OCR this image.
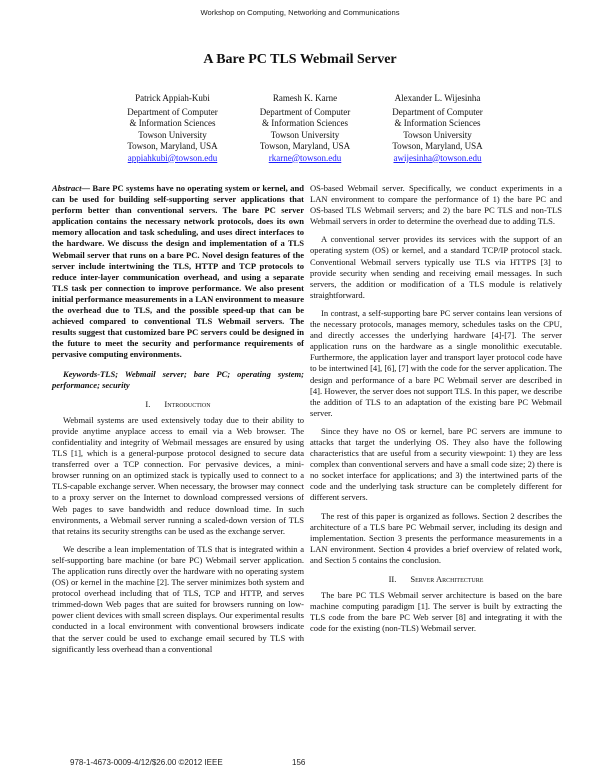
Workshop on Computing, Networking and Communications
A Bare PC TLS Webmail Server
Patrick Appiah-Kubi
Department of Computer
& Information Sciences
Towson University
Towson, Maryland, USA
appiahkubi@towson.edu
Ramesh K. Karne
Department of Computer
& Information Sciences
Towson University
Towson, Maryland, USA
rkarne@towson.edu
Alexander L. Wijesinha
Department of Computer
& Information Sciences
Towson University
Towson, Maryland, USA
awijesinha@towson.edu

Abstract— Bare PC systems have no operating system or kernel, and can be used for building self-supporting server applications that perform better than conventional servers. The bare PC server application contains the necessary network protocols, does its own memory allocation and task scheduling, and uses direct interfaces to the hardware. We discuss the design and implementation of a TLS Webmail server that runs on a bare PC. Novel design features of the server include intertwining the TLS, HTTP and TCP protocols to reduce inter-layer communication overhead, and using a separate TLS task per connection to improve performance. We also present initial performance measurements in a LAN environment to measure the overhead due to TLS, and the possible speed-up that can be achieved compared to conventional TLS Webmail servers. The results suggest that customized bare PC servers could be designed in the future to meet the security and performance requirements of pervasive computing environments.

Keywords-TLS; Webmail server; bare PC; operating system; performance; security

I. Introduction

Webmail systems are used extensively today due to their ability to provide anytime anyplace access to email via a Web browser. The confidentiality and integrity of Webmail messages are ensured by using TLS [1], which is a general-purpose protocol designed to secure data transferred over a TCP connection. For pervasive devices, a mini-browser running on an optimized stack is typically used to connect to a TLS-capable exchange server. When necessary, the browser may connect to a proxy server on the Internet to download compressed versions of Web pages to save bandwidth and reduce download time. In such environments, a Webmail server running a scaled-down version of TLS that retains its security strengths can be used as the exchange server.

We describe a lean implementation of TLS that is integrated within a self-supporting bare machine (or bare PC) Webmail server application. The application runs directly over the hardware with no operating system (OS) or kernel in the machine [2]. The server minimizes both system and protocol overhead including that of TLS, TCP and HTTP, and serves trimmed-down Web pages that are suited for browsers running on low-power client devices with small screen displays. Our experimental results conducted in a local environment with conventional browsers indicate that the server could be used to exchange email secured by TLS with significantly less overhead than a conventional

OS-based Webmail server. Specifically, we conduct experiments in a LAN environment to compare the performance of 1) the bare PC and OS-based TLS Webmail servers; and 2) the bare PC TLS and non-TLS Webmail servers in order to determine the overhead due to adding TLS.

A conventional server provides its services with the support of an operating system (OS) or kernel, and a standard TCP/IP protocol stack. Conventional Webmail servers typically use TLS via HTTPS [3] to provide security when sending and receiving email messages. In such servers, the addition or modification of a TLS module is relatively straightforward.

In contrast, a self-supporting bare PC server contains lean versions of the necessary protocols, manages memory, schedules tasks on the CPU, and directly accesses the underlying hardware [4]-[7]. The server application runs on the hardware as a single monolithic executable. Furthermore, the application layer and transport layer protocol code have to be intertwined [4], [6], [7] with the code for the server application. The design and performance of a bare PC Webmail server are described in [4]. However, the server does not support TLS. In this paper, we describe the addition of TLS to an adaptation of the existing bare PC Webmail server.

Since they have no OS or kernel, bare PC servers are immune to attacks that target the underlying OS. They also have the following characteristics that are useful from a security viewpoint: 1) they are less complex than conventional servers and have a small code size; 2) there is no socket interface for applications; and 3) the intertwined parts of the code and the underlying task structure can be completely different for different servers.

The rest of this paper is organized as follows. Section 2 describes the architecture of a TLS bare PC Webmail server, including its design and implementation. Section 3 presents the performance measurements in a LAN environment. Section 4 provides a brief overview of related work, and Section 5 contains the conclusion.

II. Server Architecture

The bare PC TLS Webmail server architecture is based on the bare machine computing paradigm [1]. The server is built by extracting the TLS code from the bare PC Web server [8] and integrating it with the code for the existing (non-TLS) Webmail server.

978-1-4673-0009-4/12/$26.00 ©2012 IEEE	156
